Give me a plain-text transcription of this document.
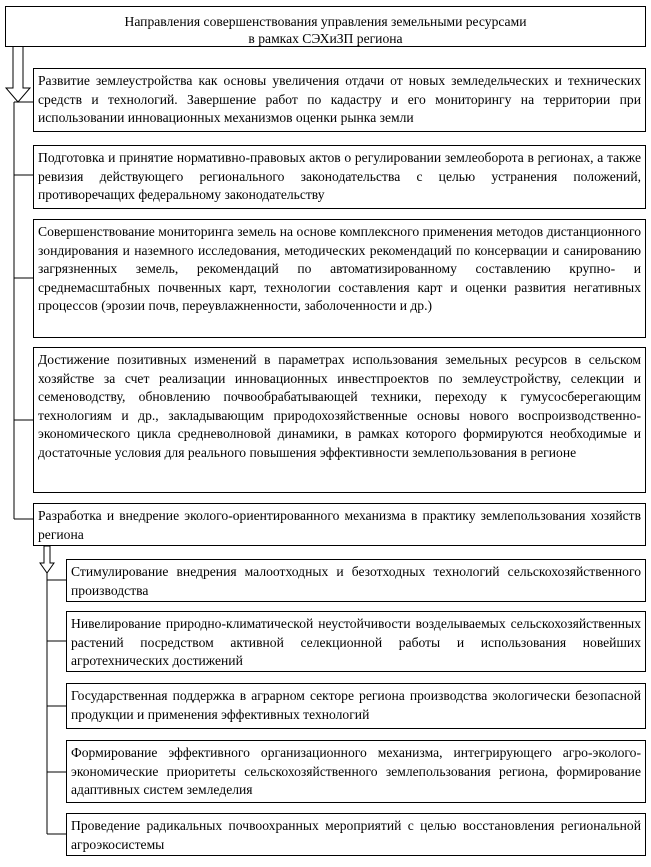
Направления совершенствования управления земельными ресурсами

в рамках СЭХиЗП региона

Развитие землеустройства как основы увеличения отдачи от новых земледельческих и технических средств и технологий. Завершение работ по кадастру и его мониторингу на территории при использовании инновационных механизмов оценки рынка земли

Подготовка и принятие нормативно-правовых актов о регулировании землеоборота в регионах, а также ревизия действующего регионального законодательства с целью устранения положений, противоречащих федеральному законодательству

Совершенствование мониторинга земель на основе комплексного применения методов дистанционного зондирования и наземного исследования, методических рекомендаций по консервации и санированию загрязненных земель, рекомендаций по автоматизированному составлению крупно- и среднемасштабных почвенных карт, технологии составления карт и оценки развития негативных процессов (эрозии почв, переувлажненности, заболоченности и др.)

Достижение позитивных изменений в параметрах использования земельных ресурсов в сельском хозяйстве за счет реализации инновационных инвестпроектов по землеустройству, селекции и семеноводству, обновлению почвообрабатывающей техники, переходу к гумусосберегающим технологиям и др., закладывающим природохозяйственные основы нового воспроизводственно-экономического цикла средневолновой динамики, в рамках которого формируются необходимые и достаточные условия для реального повышения эффективности землепользования в регионе

Разработка и внедрение эколого-ориентированного механизма в практику землепользования хозяйств региона

Стимулирование внедрения малоотходных и безотходных технологий сельскохозяйственного производства

Нивелирование природно-климатической неустойчивости возделываемых сельскохозяйственных растений посредством активной селекционной работы и использования новейших агротехнических достижений

Государственная поддержка в аграрном секторе региона производства экологически безопасной продукции и применения эффективных технологий

Формирование эффективного организационного механизма, интегрирующего агро-эколого-экономические приоритеты сельскохозяйственного землепользования региона, формирование адаптивных систем земледелия

Проведение радикальных почвоохранных мероприятий с целью восстановления региональной агроэкосистемы
